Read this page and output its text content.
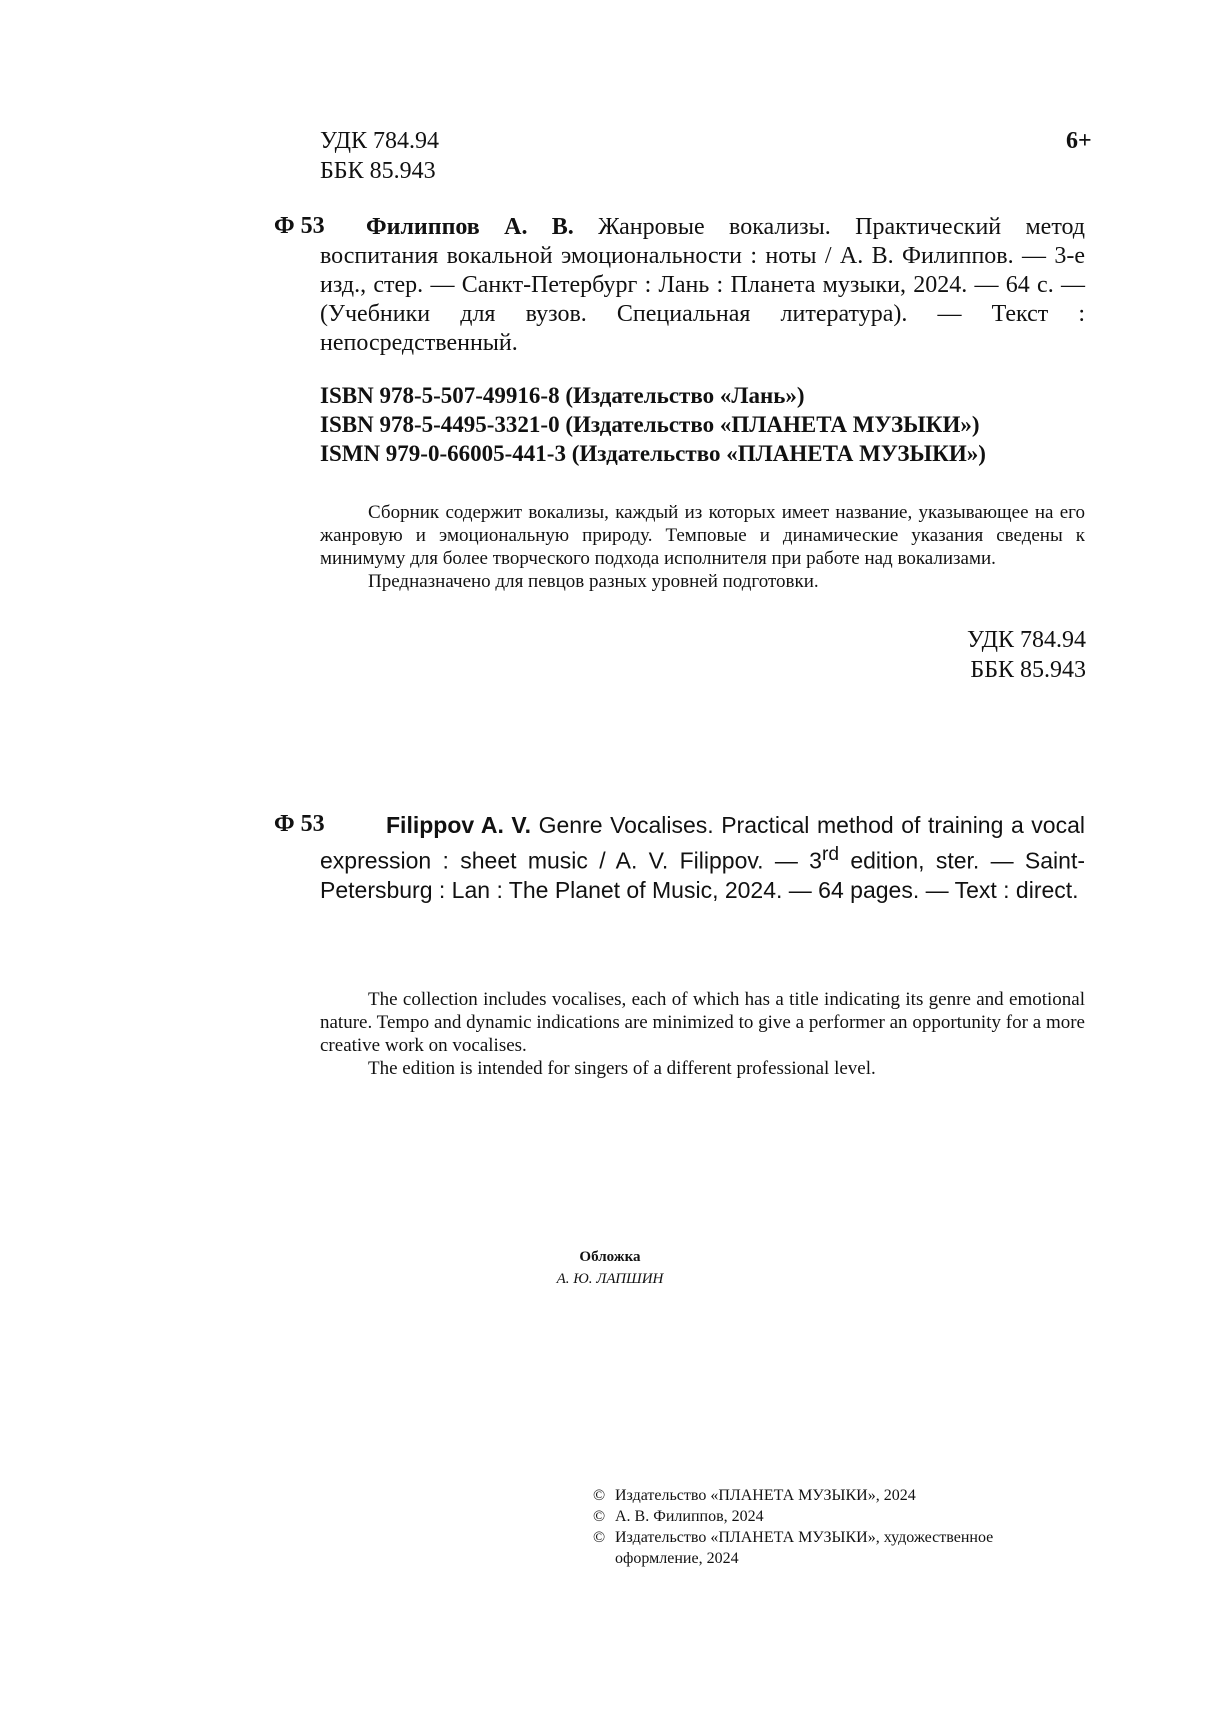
УДК 784.94
ББК 85.943
6+
Ф 53	Филиппов А. В. Жанровые вокализы. Практический метод воспитания вокальной эмоциональности : ноты / А. В. Филиппов. — 3-е изд., стер. — Санкт-Петербург : Лань : Планета музыки, 2024. — 64 с. — (Учебники для вузов. Специальная литература). — Текст : непосредственный.
ISBN 978-5-507-49916-8 (Издательство «Лань»)
ISBN 978-5-4495-3321-0 (Издательство «ПЛАНЕТА МУЗЫКИ»)
ISMN 979-0-66005-441-3 (Издательство «ПЛАНЕТА МУЗЫКИ»)

Сборник содержит вокализы, каждый из которых имеет название, указывающее на его жанровую и эмоциональную природу. Темповые и динамические указания сведены к минимуму для более творческого подхода исполнителя при работе над вокализами.

Предназначено для певцов разных уровней подготовки.

УДК 784.94
ББК 85.943
Ф 53	Filippov A. V. Genre Vocalises. Practical method of training a vocal expression : sheet music / A. V. Filippov. — 3rd edition, ster. — Saint-Petersburg : Lan : The Planet of Music, 2024. — 64 pages. — Text : direct.

The collection includes vocalises, each of which has a title indicating its genre and emotional nature. Tempo and dynamic indications are minimized to give a performer an opportunity for a more creative work on vocalises.

The edition is intended for singers of a different professional level.

Обложка
А. Ю. ЛАПШИН
© Издательство «ПЛАНЕТА МУЗЫКИ», 2024
© А. В. Филиппов, 2024
© Издательство «ПЛАНЕТА МУЗЫКИ», художественное оформление, 2024
